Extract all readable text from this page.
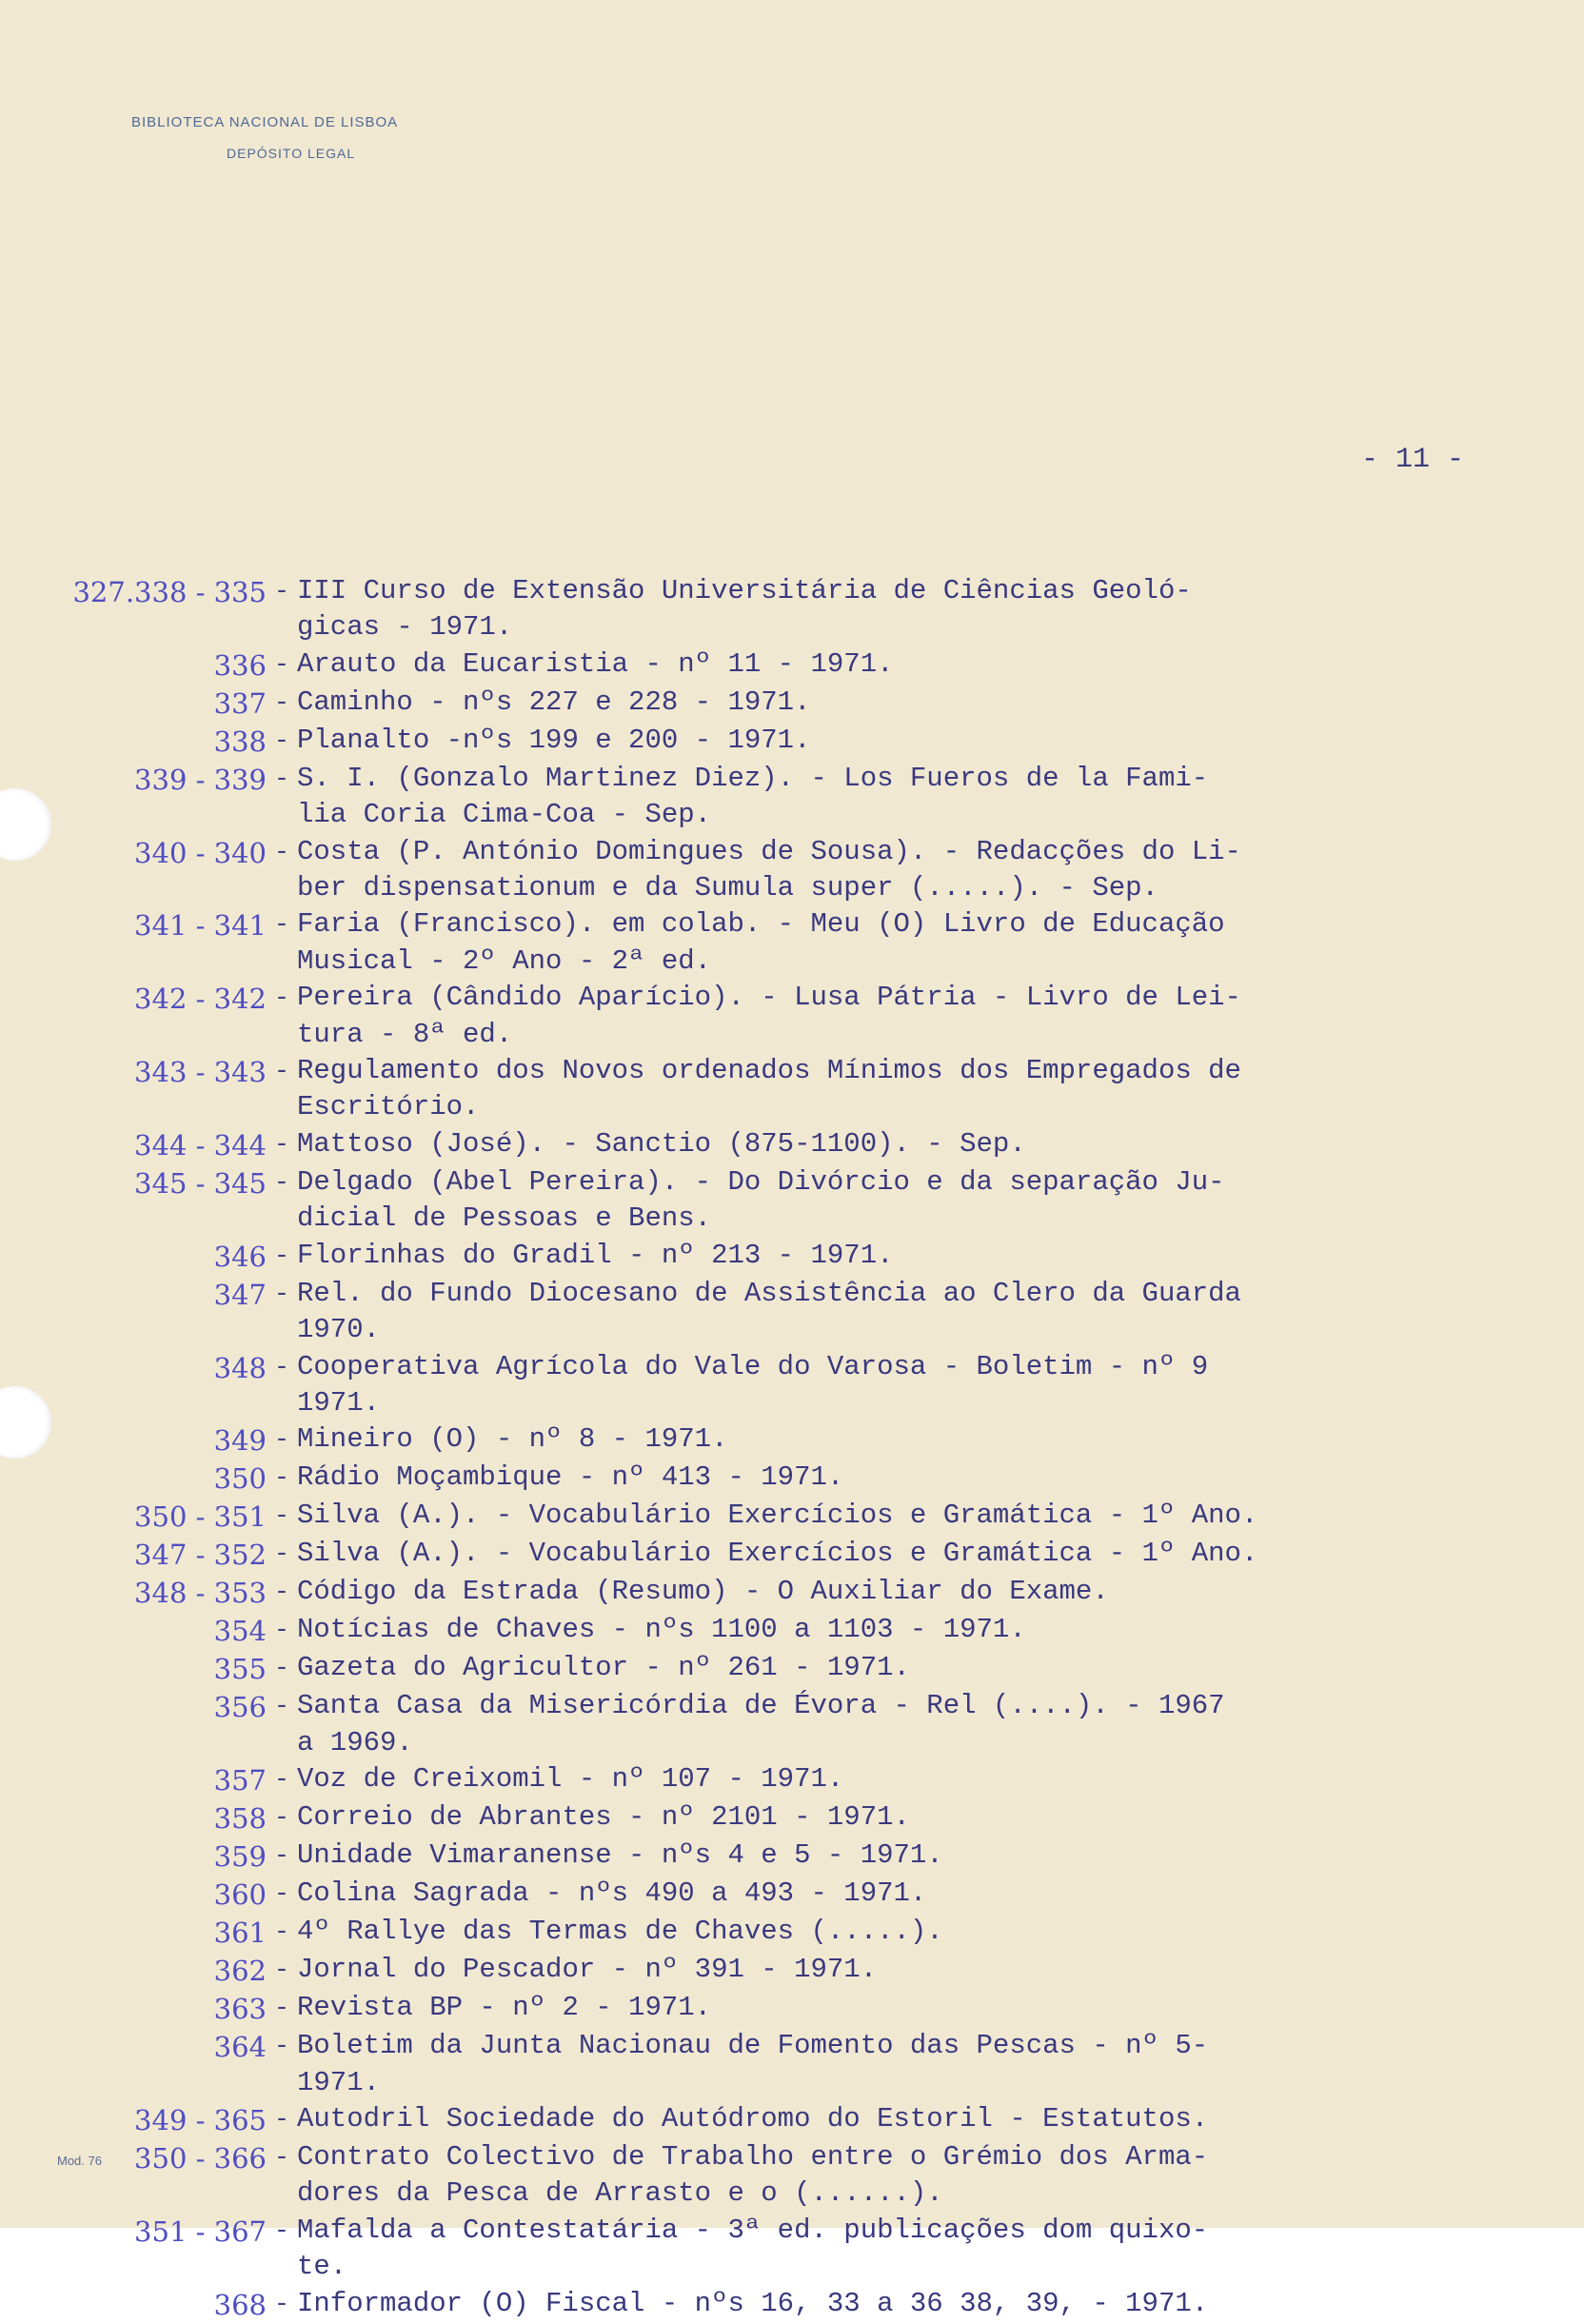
BIBLIOTECA NACIONAL DE LISBOA
DEPÓSITO LEGAL
- 11 -
327.338 - 335 - III Curso de Extensão Universitária de Ciências Geoló-
gicas - 1971.
336 - Arauto da Eucaristia - nº 11 - 1971.
337 - Caminho - nºs 227 e 228 - 1971.
338 - Planalto -nºs 199 e 200 - 1971.
339 - 339 - S. I. (Gonzalo Martinez Diez). - Los Fueros de la Fami-
lia Coria Cima-Coa - Sep.
340 - 340 - Costa (P. António Domingues de Sousa). - Redacções do Li-
ber dispensationum e da Sumula super (.....). - Sep.
341 - 341 - Faria (Francisco). em colab. - Meu (O) Livro de Educação
Musical - 2º Ano - 2ª ed.
342 - 342 - Pereira (Cândido Aparício). - Lusa Pátria - Livro de Lei-
tura - 8ª ed.
343 - 343 - Regulamento dos Novos ordenados Mínimos dos Empregados de
Escritório.
344 - 344 - Mattoso (José). - Sanctio (875-1100). - Sep.
345 - 345 - Delgado (Abel Pereira). - Do Divórcio e da separação Ju-
dicial de Pessoas e Bens.
346 - Florinhas do Gradil - nº 213 - 1971.
347 - Rel. do Fundo Diocesano de Assistência ao Clero da Guarda
1970.
348 - Cooperativa Agrícola do Vale do Varosa - Boletim - nº 9
1971.
349 - Mineiro (O) - nº 8 - 1971.
350 - Rádio Moçambique - nº 413 - 1971.
350 - 351 - Silva (A.). - Vocabulário Exercícios e Gramática - 1º Ano.
347 - 352 - Silva (A.). - Vocabulário Exercícios e Gramática - 1º Ano.
348 - 353 - Código da Estrada (Resumo) - O Auxiliar do Exame.
354 - Notícias de Chaves - nºs 1100 a 1103 - 1971.
355 - Gazeta do Agricultor - nº 261 - 1971.
356 - Santa Casa da Misericórdia de Évora - Rel (....). - 1967
a 1969.
357 - Voz de Creixomil - nº 107 - 1971.
358 - Correio de Abrantes - nº 2101 - 1971.
359 - Unidade Vimaranense - nºs 4 e 5 - 1971.
360 - Colina Sagrada - nºs 490 a 493 - 1971.
361 - 4º Rallye das Termas de Chaves (.....).
362 - Jornal do Pescador - nº 391 - 1971.
363 - Revista BP - nº 2 - 1971.
364 - Boletim da Junta Nacionau de Fomento das Pescas - nº 5-
1971.
349 - 365 - Autodril Sociedade do Autódromo do Estoril - Estatutos.
350 - 366 - Contrato Colectivo de Trabalho entre o Grémio dos Arma-
dores da Pesca de Arrasto e o (......).
351 - 367 - Mafalda a Contestatária - 3ª ed. publicações dom quixo-
te.
368 - Informador (O) Fiscal - nºs 16, 33 a 36 38, 39, - 1971.
Mod. 76
